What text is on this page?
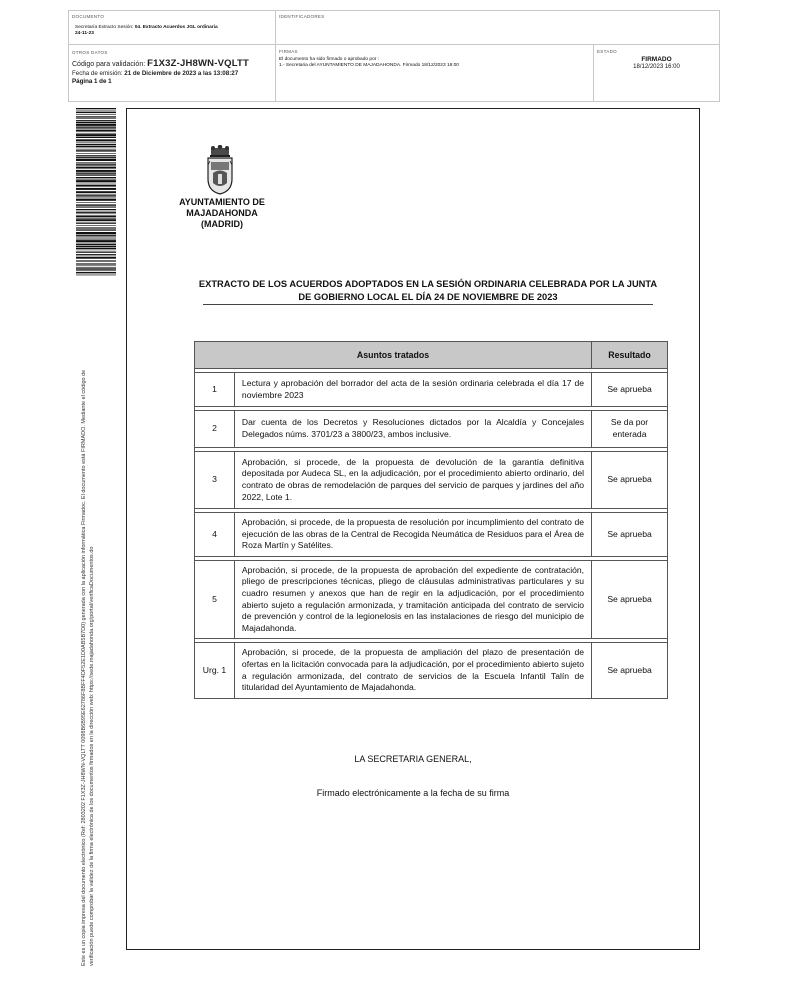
DOCUMENTO
Secretaría Extracto Sesión: 04. Extracto Acuerdos JGL ordinaria
24-11-23
IDENTIFICADORES
OTROS DATOS
Código para validación: F1X3Z-JH8WN-VQLTT
Fecha de emisión: 21 de Diciembre de 2023 a las 13:08:27
Página 1 de 1
FIRMAS
El documento ha sido firmado o aprobado por :
1.- Secretaria del AYUNTAMIENTO DE MAJADAHONDA. Firmado 18/12/2023 16:00
ESTADO
FIRMADO
18/12/2023 16:00
Este es un copia impresa del documento electrónico (Ref: 2803202 F1X3Z-JH8WN-VQLTT 0098B6B95E62786F8BFF4DF52E1D0AB5B7D0) generada con la aplicación informática Firmadoc. El documento está FIRMADO. Mediante el código de verificación puede comprobar la validez de la firma electrónica de los documentos firmados en la dirección web: https://sede.majadahonda.org/portal/verificaDocumentos.do
AYUNTAMIENTO DE
MAJADAHONDA
(MADRID)
EXTRACTO DE LOS ACUERDOS ADOPTADOS EN LA SESIÓN ORDINARIA CELEBRADA POR LA JUNTA DE GOBIERNO LOCAL EL DÍA 24 DE NOVIEMBRE DE 2023
Asuntos tratados		Resultado

1	Lectura y aprobación del borrador del acta de la sesión ordinaria celebrada el día 17 de noviembre 2023	Se aprueba

2	Dar cuenta de los Decretos y Resoluciones dictados por la Alcaldía y Concejales Delegados núms. 3701/23 a 3800/23, ambos inclusive.	Se da por enterada

3	Aprobación, si procede, de la propuesta de devolución de la garantía definitiva depositada por Audeca SL, en la adjudicación, por el procedimiento abierto ordinario, del contrato de obras de remodelación de parques del servicio de parques y jardines del año 2022, Lote 1.	Se aprueba

4	Aprobación, si procede, de la propuesta de resolución por incumplimiento del contrato de ejecución de las obras de la Central de Recogida Neumática de Residuos para el Área de Roza Martín y Satélites.	Se aprueba

5	Aprobación, si procede, de la propuesta de aprobación del expediente de contratación, pliego de prescripciones técnicas, pliego de cláusulas administrativas particulares y su cuadro resumen y anexos que han de regir en la adjudicación, por el procedimiento abierto sujeto a regulación armonizada, y tramitación anticipada del contrato de servicio de prevención y control de la legionelosis en las instalaciones de riesgo del municipio de Majadahonda.	Se aprueba

Urg. 1	Aprobación, si procede, de la propuesta de ampliación del plazo de presentación de ofertas en la licitación convocada para la adjudicación, por el procedimiento abierto sujeto a regulación armonizada, del contrato de servicios de la Escuela Infantil Talín de titularidad del Ayuntamiento de Majadahonda.	Se aprueba
LA SECRETARIA GENERAL,
Firmado electrónicamente a la fecha de su firma
